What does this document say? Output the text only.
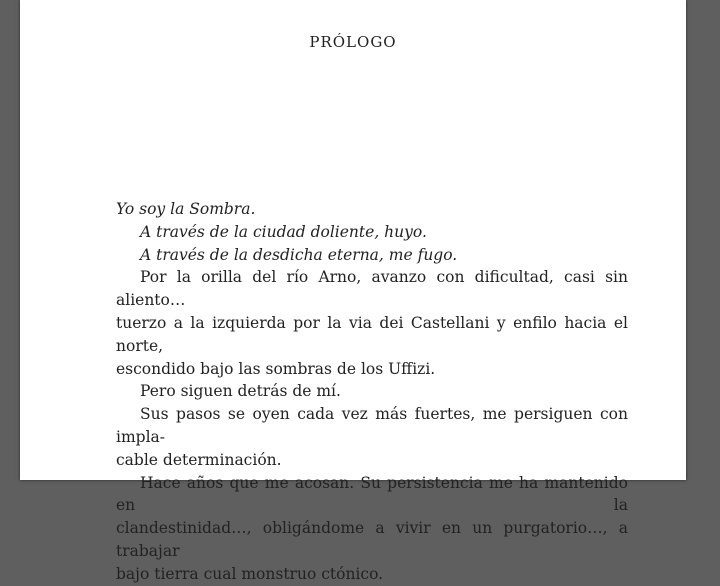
PRÓLOGO

Yo soy la Sombra.

A través de la ciudad doliente, huyo.

A través de la desdicha eterna, me fugo.

Por la orilla del río Arno, avanzo con dificultad, casi sin aliento…

tuerzo a la izquierda por la via dei Castellani y enfilo hacia el norte,

escondido bajo las sombras de los Uffizi.

Pero siguen detrás de mí.

Sus pasos se oyen cada vez más fuertes, me persiguen con impla-

cable determinación.

Hace años que me acosan. Su persistencia me ha mantenido en la

clandestinidad…, obligándome a vivir en un purgatorio…, a trabajar

bajo tierra cual monstruo ctónico.
